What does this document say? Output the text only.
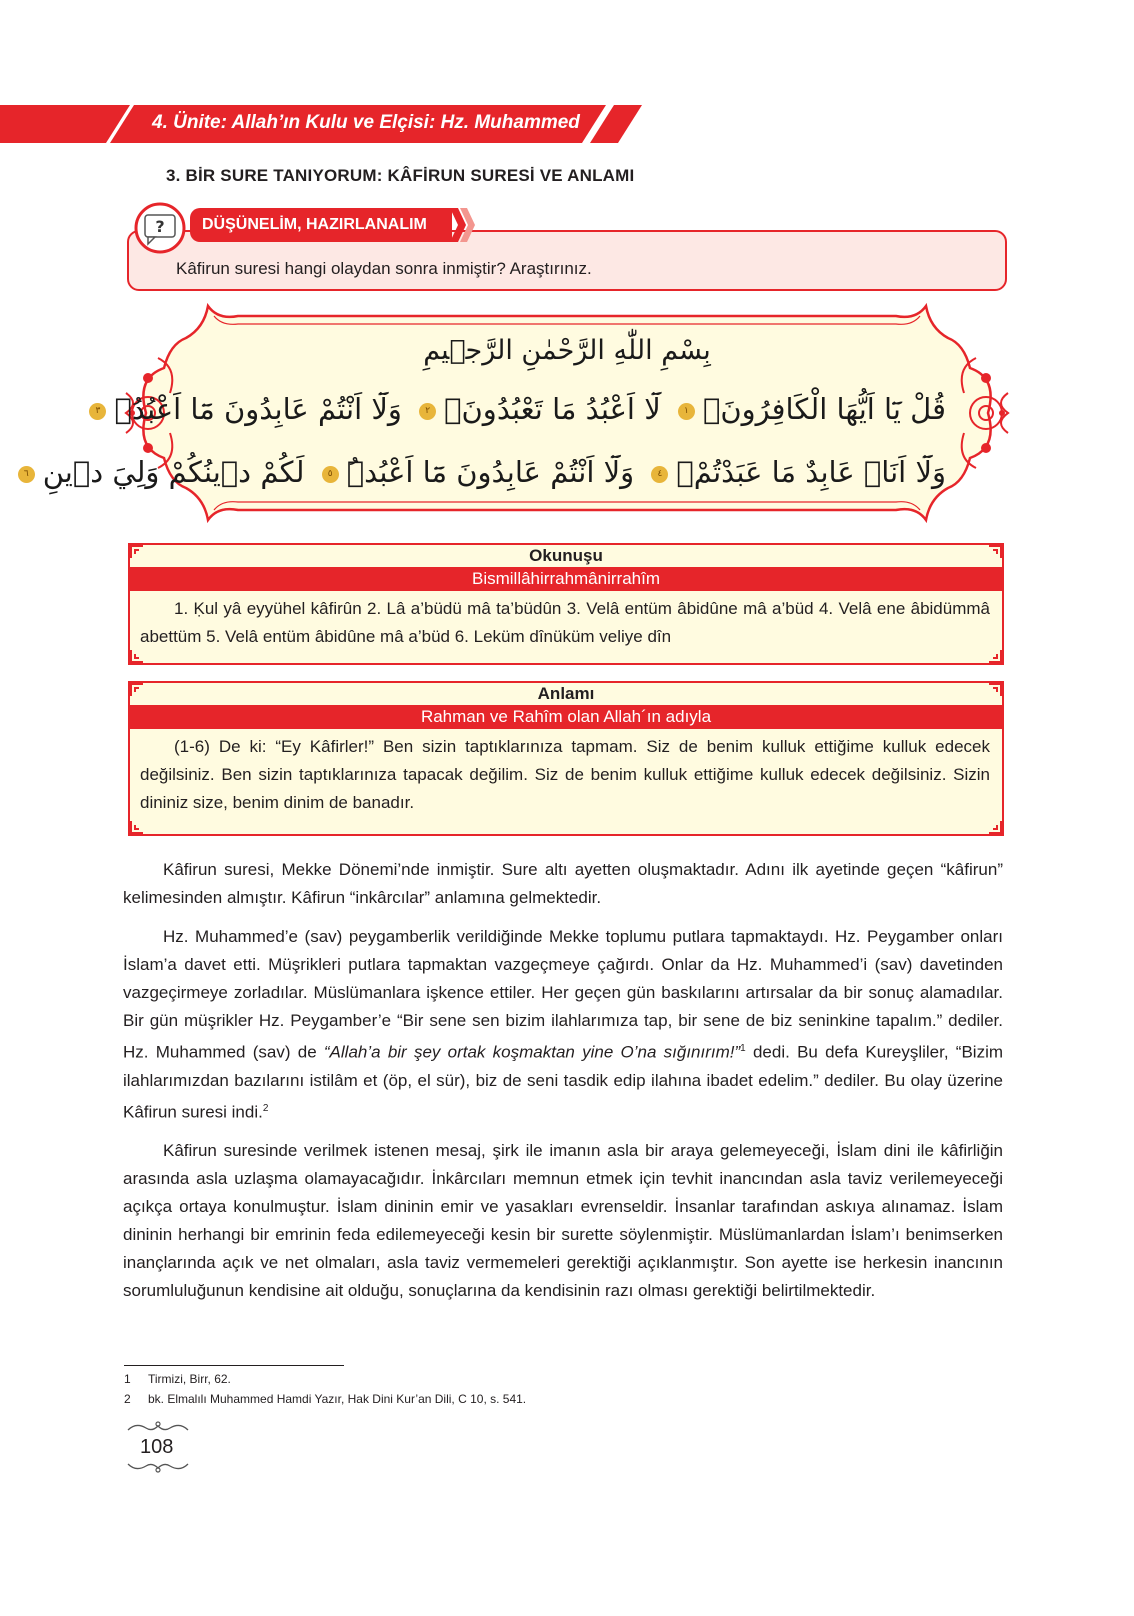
4. Ünite: Allah’ın Kulu ve Elçisi: Hz. Muhammed
3. BİR SURE TANIYORUM: KÂFİRUN SURESİ VE ANLAMI
DÜŞÜNELİM, HAZIRLANALIM
?
Kâfirun suresi hangi olaydan sonra inmiştir? Araştırınız.
بِسْمِ اللّٰهِ الرَّحْمٰنِ الرَّج۪يمِ
قُلْ يَٓا اَيُّهَا الْكَافِرُونَۙ١ لَٓا اَعْبُدُ مَا تَعْبُدُونَۙ٢ وَلَٓا اَنْتُمْ عَابِدُونَ مَٓا اَعْبُدُۚ٣
وَلَٓا اَنَا۬ عَابِدٌ مَا عَبَدْتُمْۙ٤ وَلَٓا اَنْتُمْ عَابِدُونَ مَٓا اَعْبُدُۜ٥ لَكُمْ د۪ينُكُمْ وَلِيَ د۪ينِ٦
Okunuşu
Bismillâhirrahmânirrahîm
1. Ḳul yâ eyyühel kâfirûn 2. Lâ a’büdü mâ ta’büdûn 3. Velâ entüm âbidûne mâ a’büd 4. Velâ ene âbidümmâ abettüm 5. Velâ entüm âbidûne mâ a’büd 6. Leküm dînüküm veliye dîn
Anlamı
Rahman ve Rahîm olan Allah´ın adıyla
(1-6) De ki: “Ey Kâfirler!” Ben sizin taptıklarınıza tapmam. Siz de benim kulluk ettiğime kulluk edecek değilsiniz. Ben sizin taptıklarınıza tapacak değilim. Siz de benim kulluk ettiğime kulluk edecek değilsiniz. Sizin dininiz size, benim dinim de banadır.

Kâfirun suresi, Mekke Dönemi’nde inmiştir. Sure altı ayetten oluşmaktadır. Adını ilk ayetinde geçen “kâfirun” kelimesinden almıştır. Kâfirun “inkârcılar” anlamına gelmektedir.

Hz. Muhammed’e (sav) peygamberlik verildiğinde Mekke toplumu putlara tapmaktaydı. Hz. Peygamber onları İslam’a davet etti. Müşrikleri putlara tapmaktan vazgeçmeye çağırdı. Onlar da Hz. Muhammed’i (sav) davetinden vazgeçirmeye zorladılar. Müslümanlara işkence ettiler. Her geçen gün baskılarını artırsalar da bir sonuç alamadılar. Bir gün müşrikler Hz. Peygamber’e “Bir sene sen bizim ilahlarımıza tap, bir sene de biz seninkine tapalım.” dediler. Hz. Muhammed (sav) de “Allah’a bir şey ortak koşmaktan yine O’na sığınırım!”$^1$ dedi. Bu defa Kureyşliler, “Bizim ilahlarımızdan bazılarını istilâm et (öp, el sür), biz de seni tasdik edip ilahına ibadet edelim.” dediler. Bu olay üzerine Kâfirun suresi indi.$^2$

Kâfirun suresinde verilmek istenen mesaj, şirk ile imanın asla bir araya gelemeyeceği, İslam dini ile kâfirliğin arasında asla uzlaşma olamayacağıdır. İnkârcıları memnun etmek için tevhit inancından asla taviz verilemeyeceği açıkça ortaya konulmuştur. İslam dininin emir ve yasakları evrenseldir. İnsanlar tarafından askıya alınamaz. İslam dininin herhangi bir emrinin feda edilemeyeceği kesin bir surette söylenmiştir. Müslümanlardan İslam’ı benimserken inançlarında açık ve net olmaları, asla taviz vermemeleri gerektiği açıklanmıştır. Son ayette ise herkesin inancının sorumluluğunun kendisine ait olduğu, sonuçlarına da kendisinin razı olması gerektiği belirtilmektedir.

1 Tirmizi, Birr, 62.
2 bk. Elmalılı Muhammed Hamdi Yazır, Hak Dini Kur’an Dili, C 10, s. 541.
108
